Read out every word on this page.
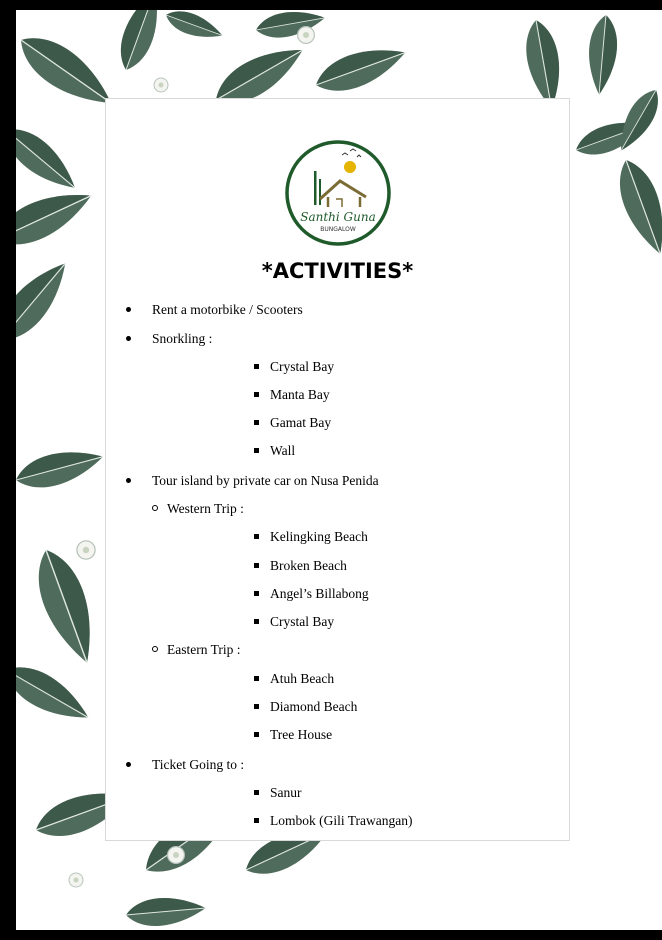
Santhi Guna
BUNGALOW
*ACTIVITIES*
Rent a motorbike / Scooters
Snorkling :
Crystal Bay
Manta Bay
Gamat Bay
Wall
Tour island by private car on Nusa Penida
Western Trip :
Kelingking Beach
Broken Beach
Angel’s Billabong
Crystal Bay
Eastern Trip :
Atuh Beach
Diamond Beach
Tree House
Ticket Going to :
Sanur
Lombok (Gili Trawangan)
